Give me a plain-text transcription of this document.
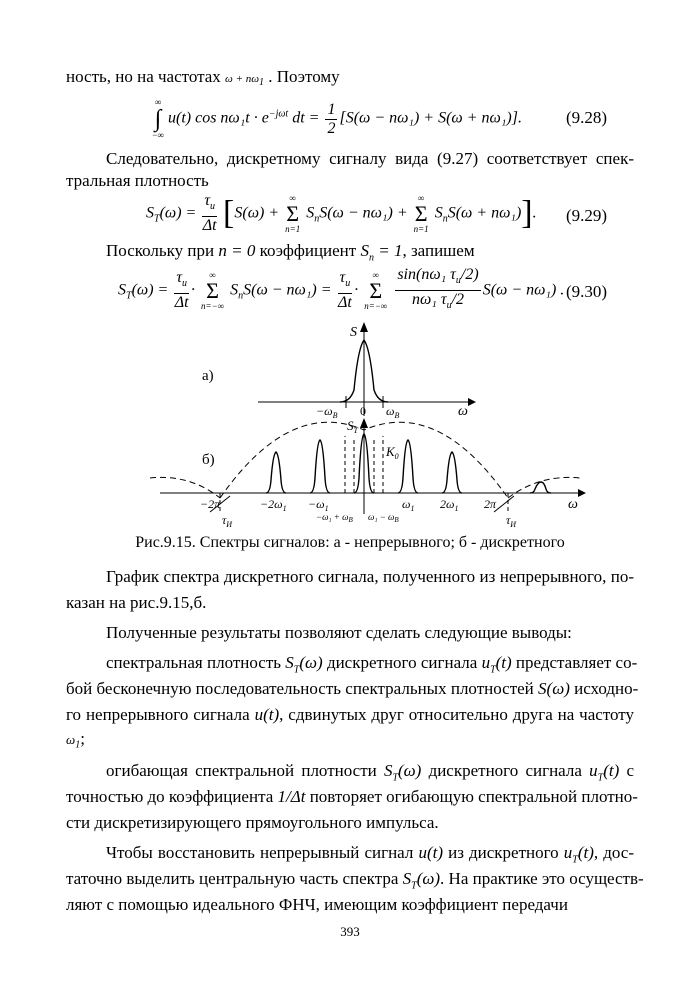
ность, но на частотах $\omega + n\omega_1$ . Поэтому
∞
∫
−∞
u(t) $\cos n\omega_1t \cdot e^{-j\omega t}$ dt = $\frac{1}{2} [S(\omega - n\omega_1) + S(\omega + n\omega_1)]$.	(9.28)
Следовательно, дискретному сигналу вида (9.27) соответствует спек-
тральная плотность
$S_T(\omega) = \frac{\tau_и}{\Delta t} [S(\omega)$ +
∞
Σ
n=1
$S_nS(\omega - n\omega_1)$ +
∞
Σ
n=1
$S_nS(\omega + n\omega_1)$]. (9.29)
Поскольку при n = 0 коэффициент $S_n = 1$, запишем
$S_T(\omega) = \frac{\tau_и}{\Delta t}$ ·
∞
Σ
n=−∞
$S_nS(\omega - n\omega_1) = \frac{\tau_и}{\Delta t}$ ·
∞
Σ
n=−∞
$\frac{\sin(n\omega_1 \tau_и/2)}{n\omega_1 \tau_и/2} S(\omega - n\omega_1)$ . (9.30)
а)
S
ω
$-\omega_B$ 0 $\omega_B$
б)
$S_T$
$K_0$
ω
−2π
$\tau_И$
$-2\omega_1 -\omega_1$	$\omega_1$ $2\omega_1$ 2π
$\tau_И$
$-\omega_1 + \omega_B$ $\omega_1 - \omega_B$
Рис.9.15. Спектры сигналов: а - непрерывного; б - дискретного
График спектра дискретного сигнала, полученного из непрерывного, по-
казан на рис.9.15,б.
Полученные результаты позволяют сделать следующие выводы:
спектральная плотность $S_T(\omega)$ дискретного сигнала $u_T(t)$ представляет со-
бой бесконечную последовательность спектральных плотностей S(ω) исходно-
го непрерывного сигнала u(t), сдвинутых друг относительно друга на частоту
$\omega_1$;
огибающая спектральной плотности $S_T(\omega)$ дискретного сигнала $u_T(t)$ с
точностью до коэффициента 1/Δt повторяет огибающую спектральной плотно-
сти дискретизирующего прямоугольного импульса.
Чтобы восстановить непрерывный сигнал u(t) из дискретного $u_T(t)$, дос-
таточно выделить центральную часть спектра $S_T(\omega)$. На практике это осуществ-
ляют с помощью идеального ФНЧ, имеющим коэффициент передачи
393
